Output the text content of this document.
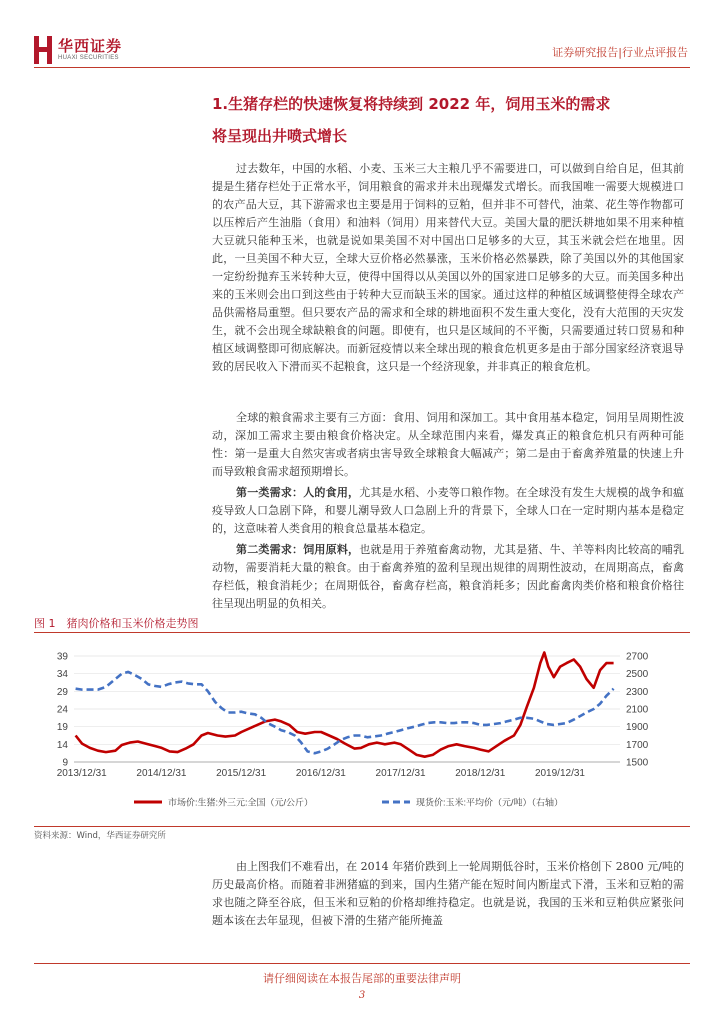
华西证券
HUAXI SECURITIES	证券研究报告|行业点评报告
1.生猪存栏的快速恢复将持续到 2022 年，饲用玉米的需求
将呈现出井喷式增长

过去数年，中国的水稻、小麦、玉米三大主粮几乎不需要进口，可以做到自给自足，但其前提是生猪存栏处于正常水平，饲用粮食的需求并未出现爆发式增长。而我国唯一需要大规模进口的农产品大豆，其下游需求也主要是用于饲料的豆粕，但并非不可替代，油菜、花生等作物都可以压榨后产生油脂（食用）和油料（饲用）用来替代大豆。美国大量的肥沃耕地如果不用来种植大豆就只能种玉米，也就是说如果美国不对中国出口足够多的大豆，其玉米就会烂在地里。因此，一旦美国不种大豆，全球大豆价格必然暴涨，玉米价格必然暴跌，除了美国以外的其他国家一定纷纷抛弃玉米转种大豆，使得中国得以从美国以外的国家进口足够多的大豆。而美国多种出来的玉米则会出口到这些由于转种大豆而缺玉米的国家。通过这样的种植区域调整使得全球农产品供需格局重塑。但只要农产品的需求和全球的耕地面积不发生重大变化，没有大范围的天灾发生，就不会出现全球缺粮食的问题。即使有，也只是区域间的不平衡，只需要通过转口贸易和种植区域调整即可彻底解决。而新冠疫情以来全球出现的粮食危机更多是由于部分国家经济衰退导致的居民收入下滑而买不起粮食，这只是一个经济现象，并非真正的粮食危机。

全球的粮食需求主要有三方面：食用、饲用和深加工。其中食用基本稳定，饲用呈周期性波动，深加工需求主要由粮食价格决定。从全球范围内来看，爆发真正的粮食危机只有两种可能性：第一是重大自然灾害或者病虫害导致全球粮食大幅减产；第二是由于畜禽养殖量的快速上升而导致粮食需求超预期增长。

第一类需求：人的食用，尤其是水稻、小麦等口粮作物。在全球没有发生大规模的战争和瘟疫导致人口急剧下降，和婴儿潮导致人口急剧上升的背景下，全球人口在一定时期内基本是稳定的，这意味着人类食用的粮食总量基本稳定。

第二类需求：饲用原料，也就是用于养殖畜禽动物，尤其是猪、牛、羊等料肉比较高的哺乳动物，需要消耗大量的粮食。由于畜禽养殖的盈利呈现出规律的周期性波动，在周期高点，畜禽存栏低，粮食消耗少；在周期低谷，畜禽存栏高，粮食消耗多；因此畜禽肉类价格和粮食价格往往呈现出明显的负相关。

图 1　猪肉价格和玉米价格走势图
39
34
29
24
19
14
9
2700
2500
2300
2100
1900
1700
1500
2013/12/31	2014/12/31	2015/12/31	2016/12/31	2017/12/31	2018/12/31	2019/12/31
市场价:生猪:外三元:全国（元/公斤）	现货价:玉米:平均价（元/吨）（右轴）
资料来源：Wind，华西证券研究所

由上图我们不难看出，在 2014 年猪价跌到上一轮周期低谷时，玉米价格创下 2800 元/吨的历史最高价格。而随着非洲猪瘟的到来，国内生猪产能在短时间内断崖式下滑，玉米和豆粕的需求也随之降至谷底，但玉米和豆粕的价格却维持稳定。也就是说，我国的玉米和豆粕供应紧张问题本该在去年显现，但被下滑的生猪产能所掩盖

请仔细阅读在本报告尾部的重要法律声明
3
